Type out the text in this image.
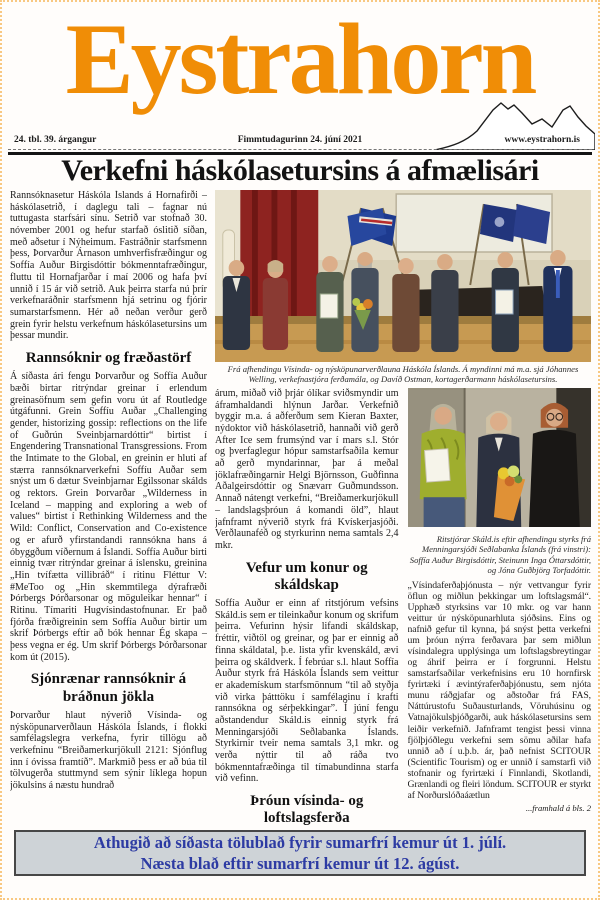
Eystrahorn
24. tbl. 39. árgangur	Fimmtudagurinn 24. júní 2021	www.eystrahorn.is
Verkefni háskólasetursins á afmælisári

Rannsóknasetur Háskóla Íslands á Hornafirði – háskólasetrið, í daglegu tali – fagnar nú tuttugasta starfsári sínu. Setrið var stofnað 30. nóvember 2001 og hefur starfað óslitið síðan, með aðsetur í Nýheimum. Fastráðnir starfsmenn þess, Þorvarður Árnason umhverfisfræðingur og Soffía Auður Birgisdóttir bókmenntafræðingur, fluttu til Hornafjarðar í maí 2006 og hafa því unnið í 15 ár við setrið. Auk þeirra starfa nú þrír verkefnaráðnir starfsmenn hjá setrinu og fjórir sumarstarfsmenn. Hér að neðan verður gerð grein fyrir helstu verkefnum háskólasetursins um þessar mundir.

Rannsóknir og fræðastörf

Á síðasta ári fengu Þorvarður og Soffía Auður bæði birtar ritrýndar greinar í erlendum greinasöfnum sem gefin voru út af Routledge útgáfunni. Grein Soffíu Auðar „Challenging gender, historizing gossip: reflections on the life of Guðrún Sveinbjarnardóttir“ birtist í Engendering Transnational Transgressions. From the Intimate to the Global, en greinin er hluti af stærra rannsóknarverkefni Soffíu Auðar sem snýst um 6 dætur Sveinbjarnar Egilssonar skálds og rektors. Grein Þorvarðar „Wilderness in Iceland – mapping and exploring a web of values“ birtist í Rethinking Wilderness and the Wild: Conflict, Conservation and Co-existence og er afurð yfirstandandi rannsókna hans á óbyggðum víðernum á Íslandi. Soffía Auður birti einnig tvær ritrýndar greinar á íslensku, greinina „Hin tvífætta villibráð“ í ritinu Fléttur V: #MeToo og „Hin skemmtilega dýrafræði Þórbergs Þórðarsonar og möguleikar hennar“ í Ritinu. Tímariti Hugvísindastofnunar. Er það fjórða fræðigreinin sem Soffía Auður birtir um skrif Þórbergs eftir að bók hennar Ég skapa – þess vegna er ég. Um skrif Þórbergs Þórðarsonar kom út (2015).

Sjónrænar rannsóknir á bráðnun jökla

Þorvarður hlaut nýverið Vísinda- og nýsköpunarverðlaun Háskóla Íslands, í flokki samfélagslegra verkefna, fyrir tillögu að verkefninu “Breiðamerkurjökull 2121: Sjónflug inn í óvissa framtíð”. Markmið þess er að búa til tölvugerða stuttmynd sem sýnir líklega hopun jökulsins á næstu hundrað

Frá afhendingu Vísinda- og nýsköpunarverðlauna Háskóla Íslands. Á myndinni má m.a. sjá Jóhannes Welling, verkefnastjóra ferðamála, og Davíð Ostman, kortagerðarmann háskólasetursins.

árum, miðað við þrjár ólíkar sviðsmyndir um áframhaldandi hlýnun Jarðar. Verkefnið byggir m.a. á aðferðum sem Kieran Baxter, nýdoktor við háskólasetrið, hannaði við gerð After Ice sem frumsýnd var í mars s.l. Stór og þverfaglegur hópur samstarfsaðila kemur að gerð myndarinnar, þar á meðal jöklafræðingarnir Helgi Björnsson, Guðfinna Aðalgeirsdóttir og Snævarr Guðmundsson. Annað nátengt verkefni, “Breiðamerkurjökull – landslagsþróun á komandi öld”, hlaut jafnframt nýverið styrk frá Kvískerjasjóði. Verðlaunaféð og styrkurinn nema samtals 2,4 mkr.

Vefur um konur og skáldskap

Soffía Auður er einn af ritstjórum vefsins Skáld.is sem er tileinkaður konum og skrifum þeirra. Vefurinn hýsir lifandi skáldskap, fréttir, viðtöl og greinar, og þar er einnig að finna skáldatal, þ.e. lista yfir kvenskáld, ævi þeirra og skáldverk. Í febrúar s.l. hlaut Soffía Auður styrk frá Háskóla Íslands sem veittur er akademískum starfsmönnum “til að styðja við virka þátttöku í samfélaginu í krafti rannsókna og sérþekkingar”. Í júní fengu aðstandendur Skáld.is einnig styrk frá Menningarsjóði Seðlabanka Íslands. Styrkirnir tveir nema samtals 3,1 mkr. og verða nýttir til að ráða tvo bókmenntafræðinga til tímabundinna starfa við vefinn.

Þróun vísinda- og loftslagsferða

Ritstjórar Skáld.is eftir afhendingu styrks frá Menningarsjóði Seðlabanka Íslands (frá vinstri): Soffía Auður Birgisdóttir, Steinunn Inga Óttarsdóttir, og Jóna Guðbjörg Torfadóttir.

„Vísindaferðaþjónusta – nýr vettvangur fyrir öflun og miðlun þekkingar um loftslagsmál“. Upphæð styrksins var 10 mkr. og var hann veittur úr nýsköpunarhluta sjóðsins. Eins og nafnið gefur til kynna, þá snýst þetta verkefni um þróun nýrra ferðavara þar sem miðlun vísindalegra upplýsinga um loftslagsbreytingar og áhrif þeirra er í forgrunni. Helstu samstarfsaðilar verkefnisins eru 10 hornfirsk fyrirtæki í ævintýraferðaþjónustu, sem njóta munu ráðgjafar og aðstoðar frá FAS, Náttúrustofu Suðausturlands, Vöruhúsinu og Vatnajökulsþjóðgarði, auk háskólasetursins sem leiðir verkefnið. Jafnframt tengist þessi vinna fjölþjóðlegu verkefni sem sömu aðilar hafa unnið að í u.þ.b. ár, það nefnist SCITOUR (Scientific Tourism) og er unnið í samstarfi við stofnanir og fyrirtæki í Finnlandi, Skotlandi, Grænlandi og fleiri löndum. SCITOUR er styrkt af Norðurslóðaáætlun

...framhald á bls. 2
Athugið að síðasta tölublað fyrir sumarfrí kemur út 1. júlí.
Næsta blað eftir sumarfrí kemur út 12. ágúst.
